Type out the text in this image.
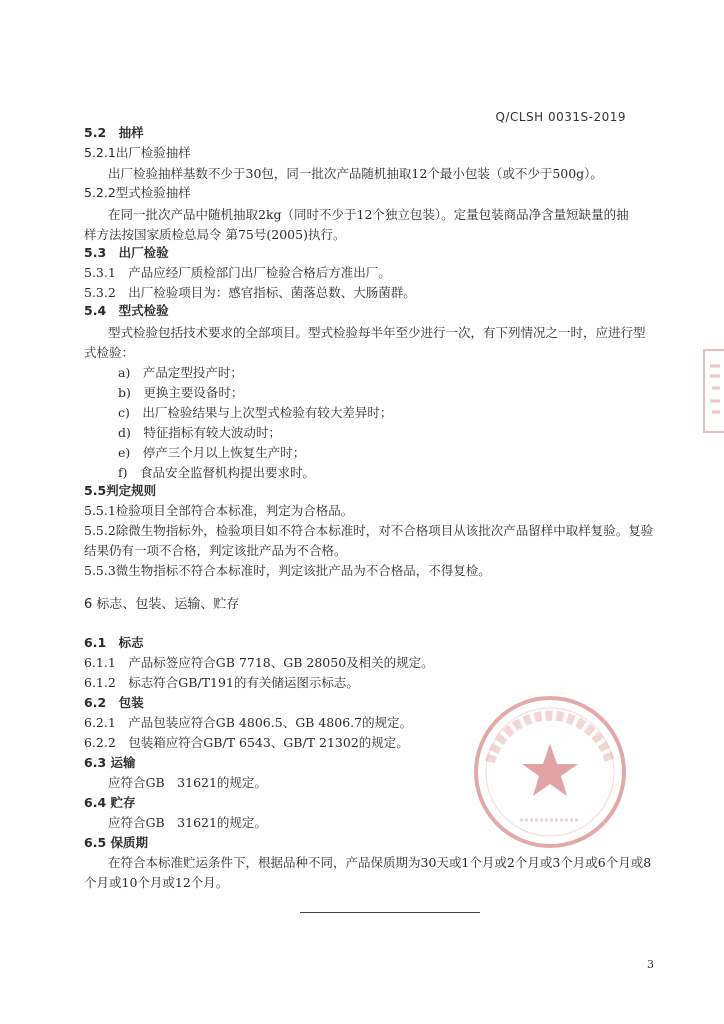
Q/CLSH 0031S-2019
5.2　抽样
5.2.1出厂检验抽样
出厂检验抽样基数不少于30包，同一批次产品随机抽取12个最小包装（或不少于500g）。
5.2.2型式检验抽样
在同一批次产品中随机抽取2kg（同时不少于12个独立包装）。定量包装商品净含量短缺量的抽
样方法按国家质检总局令 第75号(2005)执行。
5.3　出厂检验
5.3.1　产品应经厂质检部门出厂检验合格后方准出厂。
5.3.2　出厂检验项目为：感官指标、菌落总数、大肠菌群。
5.4　型式检验
型式检验包括技术要求的全部项目。型式检验每半年至少进行一次，有下列情况之一时，应进行型
式检验：
a)　产品定型投产时；
b)　更换主要设备时；
c)　出厂检验结果与上次型式检验有较大差异时；
d)　特征指标有较大波动时；
e)　停产三个月以上恢复生产时；
f)　食品安全监督机构提出要求时。
5.5判定规则
5.5.1检验项目全部符合本标准，判定为合格品。
5.5.2除微生物指标外，检验项目如不符合本标准时，对不合格项目从该批次产品留样中取样复验。复验
结果仍有一项不合格，判定该批产品为不合格。
5.5.3微生物指标不符合本标准时，判定该批产品为不合格品，不得复检。
6 标志、包装、运输、贮存
6.1　标志
6.1.1　产品标签应符合GB 7718、GB 28050及相关的规定。
6.1.2　标志符合GB/T191的有关储运图示标志。
6.2　包装
6.2.1　产品包装应符合GB 4806.5、GB 4806.7的规定。
6.2.2　包装箱应符合GB/T 6543、GB/T 21302的规定。
6.3 运输
应符合GB　31621的规定。
6.4 贮存
应符合GB　31621的规定。
6.5 保质期
在符合本标准贮运条件下，根据品种不同，产品保质期为30天或1个月或2个月或3个月或6个月或8
个月或10个月或12个月。
3
